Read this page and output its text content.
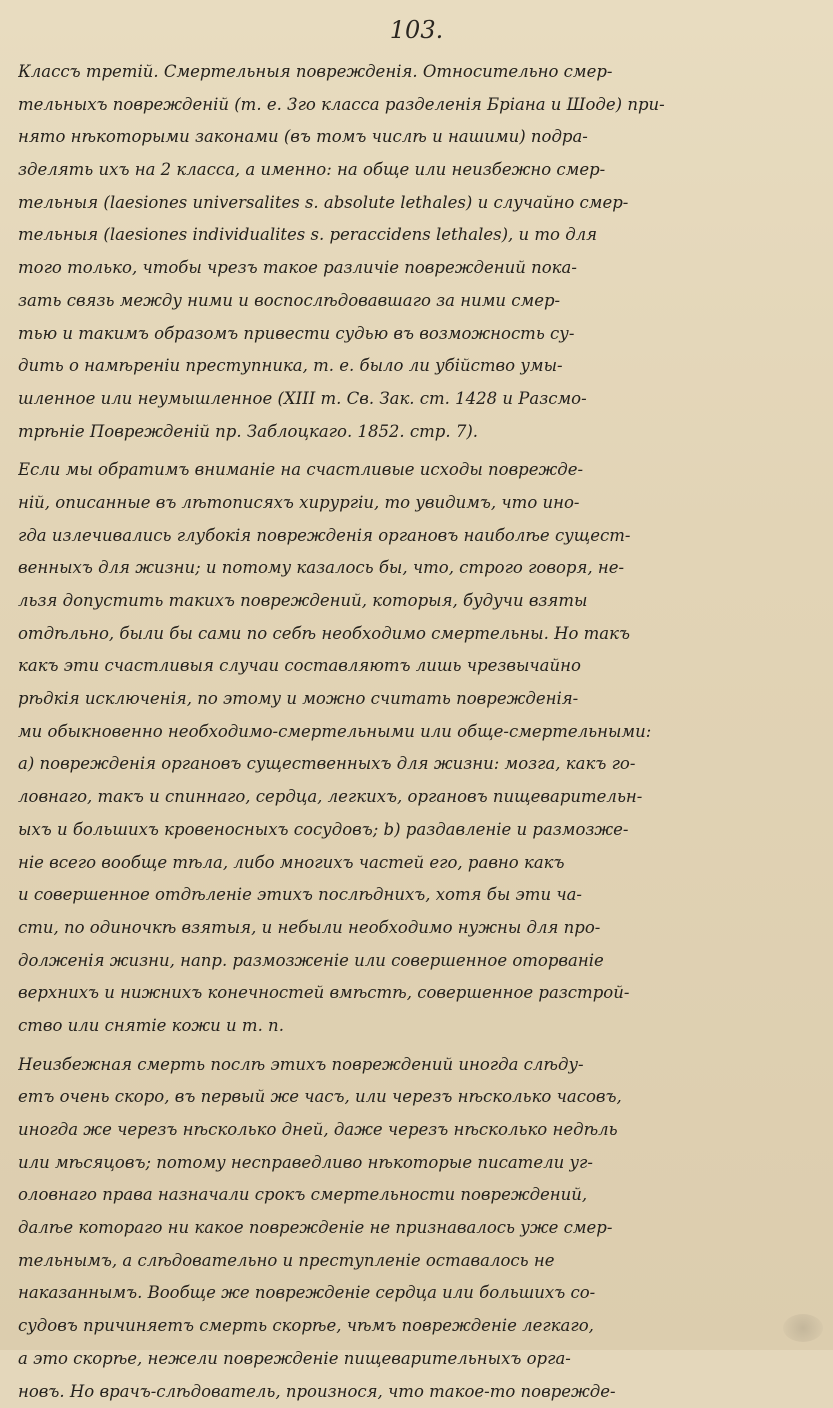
103.
Классъ третій. Смертельныя поврежденія. Относительно смер-
тельныхъ поврежденій (т. е. 3го класса разделенія Бріана и Шоде) при-
нято нѣкоторыми законами (въ томъ числѣ и нашими) подра-
зделять ихъ на 2 класса, а именно: на обще или неизбежно смер-
тельныя (laesiones universalites s. absolute lethales) и случайно смер-
тельныя (laesiones individualites s. peraccidens lethales), и то для
того только, чтобы чрезъ такое различіе повреждений пока-
зать связь между ними и воспослѣдовавшаго за ними смер-
тью и такимъ образомъ привести судью въ возможность су-
дить о намѣреніи преступника, т. е. было ли убійство умы-
шленное или неумышленное (XIII т. Св. Зак. ст. 1428 и Разсмо-
трѣніе Поврежденій пр. Заблоцкаго. 1852. стр. 7).
Если мы обратимъ вниманіе на счастливые исходы поврежде-
ній, описанные въ лѣтописяхъ хирургіи, то увидимъ, что ино-
гда излечивались глубокія поврежденія органовъ наиболѣе сущест-
венныхъ для жизни; и потому казалось бы, что, строго говоря, не-
льзя допустить такихъ повреждений, которыя, будучи взяты
отдѣльно, были бы сами по себѣ необходимо смертельны. Но такъ
какъ эти счастливыя случаи составляютъ лишь чрезвычайно
рѣдкія исключенія, по этому и можно считать поврежденія-
ми обыкновенно необходимо-смертельными или обще-смертельными:
а) поврежденія органовъ существенныхъ для жизни: мозга, какъ го-
ловнаго, такъ и спиннаго, сердца, легкихъ, органовъ пищеварительн-
ыхъ и большихъ кровеносныхъ сосудовъ; b) раздавленіе и размозже-
ніе всего вообще тѣла, либо многихъ частей его, равно какъ
и совершенное отдѣленіе этихъ послѣднихъ, хотя бы эти ча-
сти, по одиночкѣ взятыя, и небыли необходимо нужны для про-
долженія жизни, напр. размозженіе или совершенное оторваніе
верхнихъ и нижнихъ конечностей вмѣстѣ, совершенное разстрой-
ство или снятіе кожи и т. п.
Неизбежная смерть послѣ этихъ повреждений иногда слѣду-
етъ очень скоро, въ первый же часъ, или черезъ нѣсколько часовъ,
иногда же черезъ нѣсколько дней, даже черезъ нѣсколько недѣль
или мѣсяцовъ; потому несправедливо нѣкоторые писатели уг-
оловнаго права назначали срокъ смертельности повреждений,
далѣе котораго ни какое поврежденіе не признавалось уже смер-
тельнымъ, а слѣдовательно и преступленіе оставалось не
наказаннымъ. Вообще же поврежденіе сердца или большихъ со-
судовъ причиняетъ смерть скорѣе, чѣмъ поврежденіе легкаго,
а это скорѣе, нежели поврежденіе пищеварительныхъ орга-
новъ. Но врачъ-слѣдователь, произнося, что такое-то поврежде-
